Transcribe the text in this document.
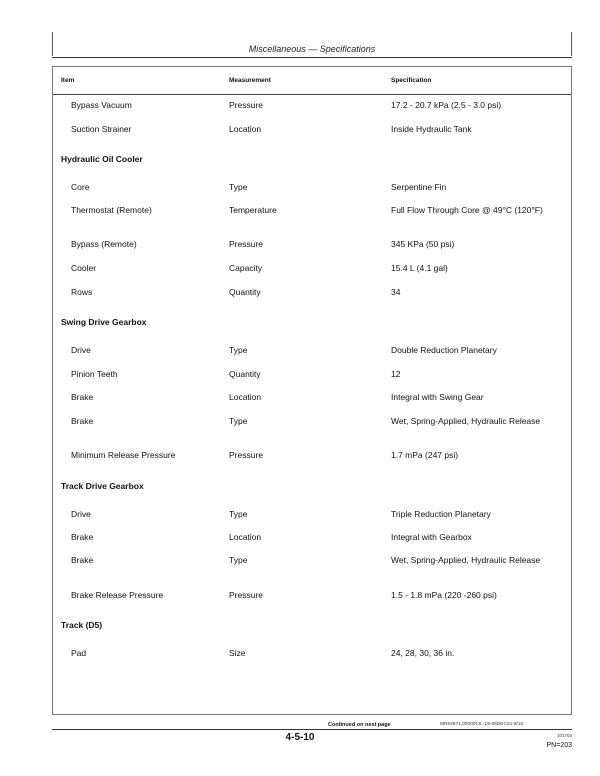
Miscellaneous — Specifications
Item	Measurement	Specification
Bypass Vacuum	Pressure	17.2 - 20.7 kPa (2.5 - 3.0 psi)
Suction Strainer	Location	Inside Hydraulic Tank
Hydraulic Oil Cooler
Core	Type	Serpentine Fin
Thermostat (Remote)	Temperature	Full Flow Through Core @ 49°C (120°F)
Bypass (Remote)	Pressure	345 KPa (50 psi)
Cooler	Capacity	15.4 L (4.1 gal)
Rows	Quantity	34
Swing Drive Gearbox
Drive	Type	Double Reduction Planetary
Pinion Teeth	Quantity	12
Brake	Location	Integral with Swing Gear
Brake	Type	Wet, Spring-Applied, Hydraulic Release
Minimum Release Pressure	Pressure	1.7 mPa (247 psi)
Track Drive Gearbox
Drive	Type	Triple Reduction Planetary
Brake	Location	Integral with Gearbox
Brake	Type	Wet, Spring-Applied, Hydraulic Release
Brake Release Pressure	Pressure	1.5 - 1.8 mPa (220 -260 psi)
Track (D5)
Pad	Size	24, 28, 30, 36 in.
Continued on next page	MR64971,00000C6 -19-05DEC01-8/10
4-5-10	101703
PN=203
